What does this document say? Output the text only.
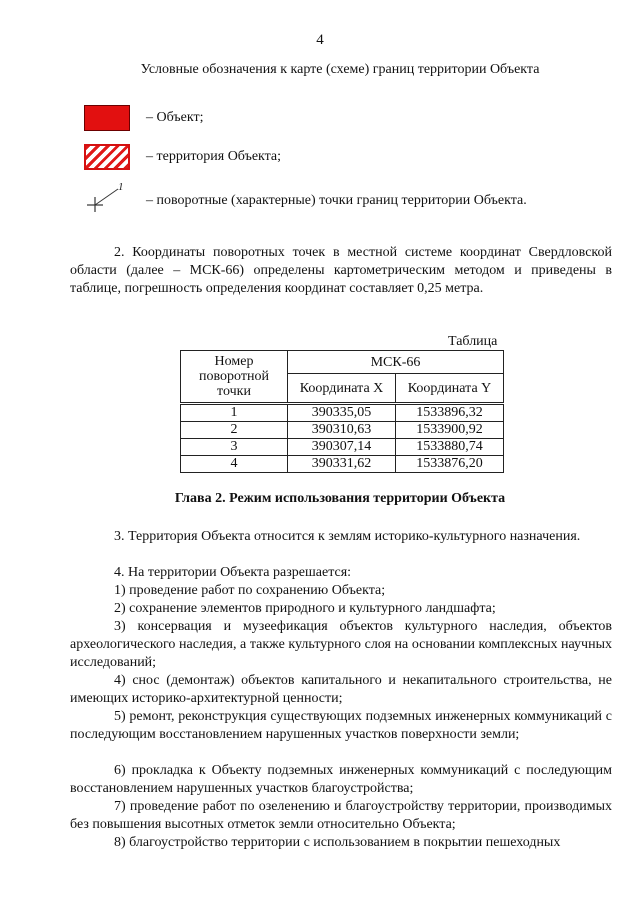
4
Условные обозначения к карте (схеме) границ территории Объекта
– Объект;
– территория Объекта;
1
– поворотные (характерные) точки границ территории Объекта.
2. Координаты поворотных точек в местной системе координат Свердловской области (далее – МСК-66) определены картометрическим методом и приведены в таблице, погрешность определения координат составляет 0,25 метра.
Таблица
Номер поворотной точки	МСК-66	
	Координата X	Координата Y
1	390335,05	1533896,32
2	390310,63	1533900,92
3	390307,14	1533880,74
4	390331,62	1533876,20
Глава 2. Режим использования территории Объекта
3. Территория Объекта относится к землям историко-культурного назначения.
4. На территории Объекта разрешается:
1) проведение работ по сохранению Объекта;
2) сохранение элементов природного и культурного ландшафта;
3) консервация и музеефикация объектов культурного наследия, объектов археологического наследия, а также культурного слоя на основании комплексных научных исследований;
4) снос (демонтаж) объектов капитального и некапитального строительства, не имеющих историко-архитектурной ценности;
5) ремонт, реконструкция существующих подземных инженерных коммуникаций с последующим восстановлением нарушенных участков поверхности земли;
6) прокладка к Объекту подземных инженерных коммуникаций с последующим восстановлением нарушенных участков благоустройства;
7) проведение работ по озеленению и благоустройству территории, производимых без повышения высотных отметок земли относительно Объекта;
8) благоустройство территории с использованием в покрытии пешеходных
